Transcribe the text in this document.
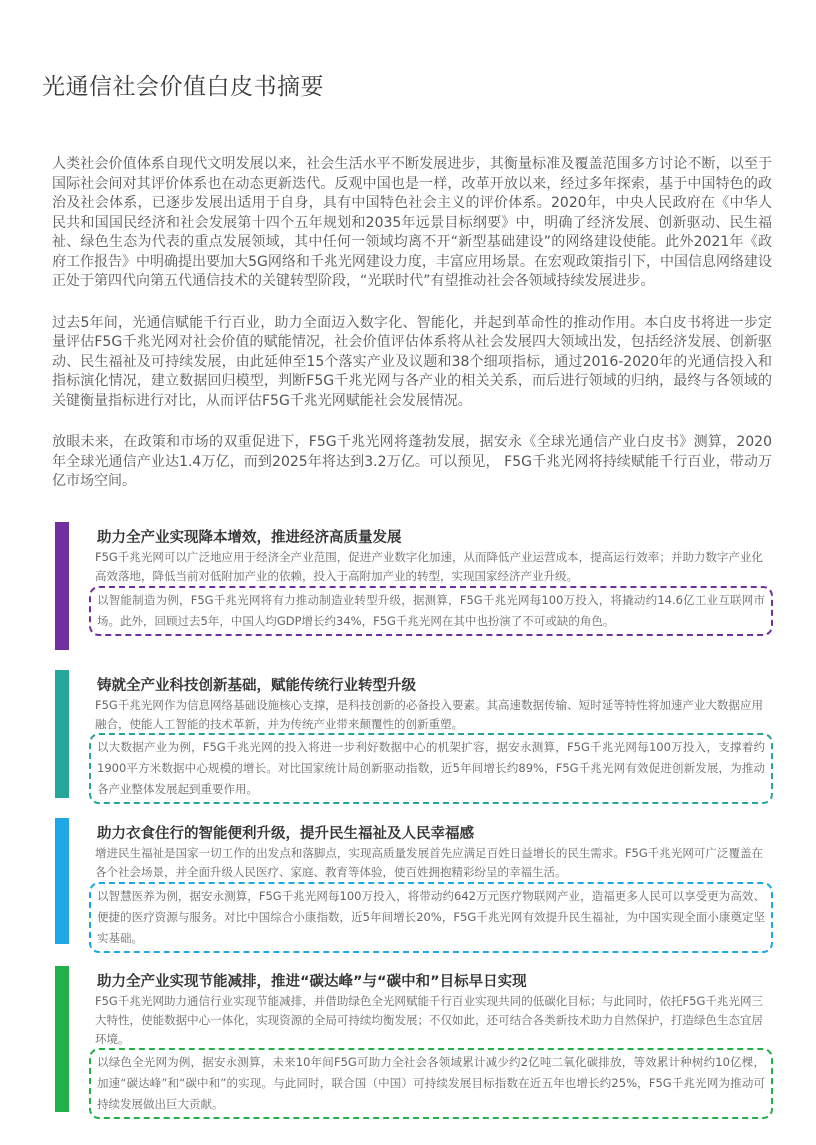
光通信社会价值白皮书摘要

人类社会价值体系自现代文明发展以来，社会生活水平不断发展进步，其衡量标准及覆盖范围多方讨论不断，以至于国际社会间对其评价体系也在动态更新迭代。反观中国也是一样，改革开放以来，经过多年探索，基于中国特色的政治及社会体系，已逐步发展出适用于自身，具有中国特色社会主义的评价体系。2020年，中央人民政府在《中华人民共和国国民经济和社会发展第十四个五年规划和2035年远景目标纲要》中，明确了经济发展、创新驱动、民生福祉、绿色生态为代表的重点发展领域，其中任何一领域均离不开“新型基础建设”的网络建设使能。此外2021年《政府工作报告》中明确提出要加大5G网络和千兆光网建设力度，丰富应用场景。在宏观政策指引下，中国信息网络建设正处于第四代向第五代通信技术的关键转型阶段，“光联时代”有望推动社会各领域持续发展进步。

过去5年间，光通信赋能千行百业，助力全面迈入数字化、智能化，并起到革命性的推动作用。本白皮书将进一步定量评估F5G千兆光网对社会价值的赋能情况，社会价值评估体系将从社会发展四大领域出发，包括经济发展、创新驱动、民生福祉及可持续发展，由此延伸至15个落实产业及议题和38个细项指标，通过2016-2020年的光通信投入和指标演化情况，建立数据回归模型，判断F5G千兆光网与各产业的相关关系，而后进行领域的归纳，最终与各领域的关键衡量指标进行对比，从而评估F5G千兆光网赋能社会发展情况。

放眼未来，在政策和市场的双重促进下，F5G千兆光网将蓬勃发展，据安永《全球光通信产业白皮书》测算，2020年全球光通信产业达1.4万亿，而到2025年将达到3.2万亿。可以预见， F5G千兆光网将持续赋能千行百业，带动万亿市场空间。

助力全产业实现降本增效，推进经济高质量发展

F5G千兆光网可以广泛地应用于经济全产业范围，促进产业数字化加速，从而降低产业运营成本，提高运行效率；并助力数字产业化高效落地，降低当前对低附加产业的依赖，投入于高附加产业的转型，实现国家经济产业升级。

以智能制造为例，F5G千兆光网将有力推动制造业转型升级，据测算，F5G千兆光网每100万投入，将撬动约14.6亿工业互联网市场。此外，回顾过去5年，中国人均GDP增长约34%，F5G千兆光网在其中也扮演了不可或缺的角色。

铸就全产业科技创新基础，赋能传统行业转型升级

F5G千兆光网作为信息网络基础设施核心支撑，是科技创新的必备投入要素。其高速数据传输、短时延等特性将加速产业大数据应用融合，使能人工智能的技术革新，并为传统产业带来颠覆性的创新重塑。

以大数据产业为例，F5G千兆光网的投入将进一步利好数据中心的机架扩容，据安永测算，F5G千兆光网每100万投入，支撑着约1900平方米数据中心规模的增长。对比国家统计局创新驱动指数，近5年间增长约89%，F5G千兆光网有效促进创新发展，为推动各产业整体发展起到重要作用。

助力衣食住行的智能便利升级，提升民生福祉及人民幸福感

增进民生福祉是国家一切工作的出发点和落脚点，实现高质量发展首先应满足百姓日益增长的民生需求。F5G千兆光网可广泛覆盖在各个社会场景，并全面升级人民医疗、家庭、教育等体验，使百姓拥抱精彩纷呈的幸福生活。

以智慧医养为例，据安永测算，F5G千兆光网每100万投入，将带动约642万元医疗物联网产业，造福更多人民可以享受更为高效、便捷的医疗资源与服务。对比中国综合小康指数，近5年间增长20%，F5G千兆光网有效提升民生福祉，为中国实现全面小康奠定坚实基础。

助力全产业实现节能减排，推进“碳达峰”与“碳中和”目标早日实现

F5G千兆光网助力通信行业实现节能减排，并借助绿色全光网赋能千行百业实现共同的低碳化目标；与此同时，依托F5G千兆光网三大特性，使能数据中心一体化，实现资源的全局可持续均衡发展；不仅如此，还可结合各类新技术助力自然保护，打造绿色生态宜居环境。

以绿色全光网为例，据安永测算，未来10年间F5G可助力全社会各领域累计减少约2亿吨二氧化碳排放，等效累计种树约10亿棵，加速“碳达峰”和“碳中和”的实现。与此同时，联合国（中国）可持续发展目标指数在近五年也增长约25%，F5G千兆光网为推动可持续发展做出巨大贡献。
